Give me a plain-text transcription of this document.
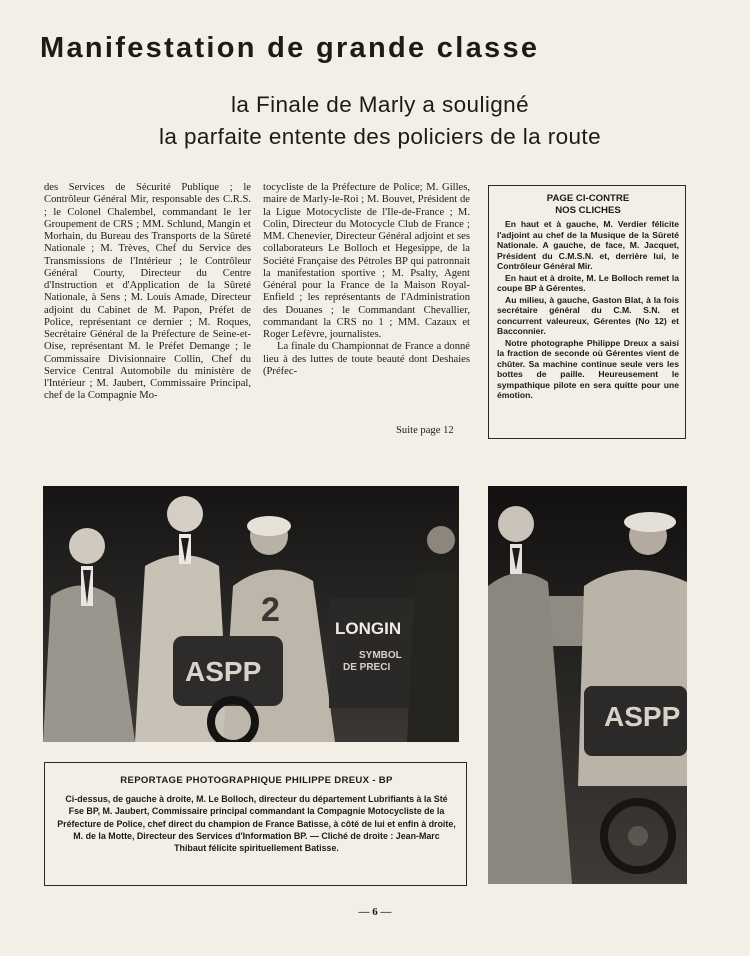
Manifestation de grande classe
la Finale de Marly a souligné
la parfaite entente des policiers de la route

des Services de Sécurité Publique ; le Contrôleur Général Mir, responsable des C.R.S. ; le Colonel Chalembel, commandant le 1er Groupement de CRS ; MM. Schlund, Mangin et Morhain, du Bureau des Transports de la Sûreté Nationale ; M. Trèves, Chef du Service des Transmissions de l'Intérieur ; le Contrôleur Général Courty, Directeur du Centre d'Instruction et d'Application de la Sûreté Nationale, à Sens ; M. Louis Amade, Directeur adjoint du Cabinet de M. Papon, Préfet de Police, représentant ce dernier ; M. Roques, Secrétaire Général de la Préfecture de Seine-et-Oise, représentant M. le Préfet Demange ; le Commissaire Divisionnaire Collin, Chef du Service Central Automobile du ministère de l'Intérieur ; M. Jaubert, Commissaire Principal, chef de la Compagnie Mo-

tocycliste de la Préfecture de Police; M. Gilles, maire de Marly-le-Roi ; M. Bouvet, Président de la Ligue Motocycliste de l'Ile-de-France ; M. Colin, Directeur du Motocycle Club de France ; MM. Chenevier, Directeur Général adjoint et ses collaborateurs Le Bolloch et Hegesippe, de la Société Française des Pétroles BP qui patronnait la manifestation sportive ; M. Psalty, Agent Général pour la France de la Maison Royal-Enfield ; les représentants de l'Administration des Douanes ; le Commandant Chevallier, commandant la CRS no 1 ; MM. Cazaux et Roger Lefèvre, journalistes.

La finale du Championnat de France a donné lieu à des luttes de toute beauté dont Deshaies (Préfec-

Suite page 12
PAGE CI-CONTRE
NOS CLICHES

En haut et à gauche, M. Verdier félicite l'adjoint au chef de la Musique de la Sûreté Nationale. A gauche, de face, M. Jacquet, Président du C.M.S.N. et, derrière lui, le Contrôleur Général Mir.

En haut et à droite, M. Le Bolloch remet la coupe BP à Gérentes.

Au milieu, à gauche, Gaston Blat, à la fois secrétaire général du C.M. S.N. et concurrent valeureux, Gérentes (No 12) et Bacconnier.

Notre photographe Philippe Dreux a saisi la fraction de seconde où Gérentes vient de chûter. Sa machine continue seule vers les bottes de paille. Heureusement le sympathique pilote en sera quitte pour une émotion.

2
ASPP
LONGIN
SYMBOL
DE PRECI
ASPP
REPORTAGE PHOTOGRAPHIQUE PHILIPPE DREUX - BP
Ci-dessus, de gauche à droite, M. Le Bolloch, directeur du département Lubrifiants à la Sté Fse BP, M. Jaubert, Commissaire principal commandant la Compagnie Motocycliste de la Préfecture de Police, chef direct du champion de France Batisse, à côté de lui et enfin à droite, M. de la Motte, Directeur des Services d'Information BP. — Cliché de droite : Jean-Marc Thibaut félicite spirituellement Batisse.
— 6 —
